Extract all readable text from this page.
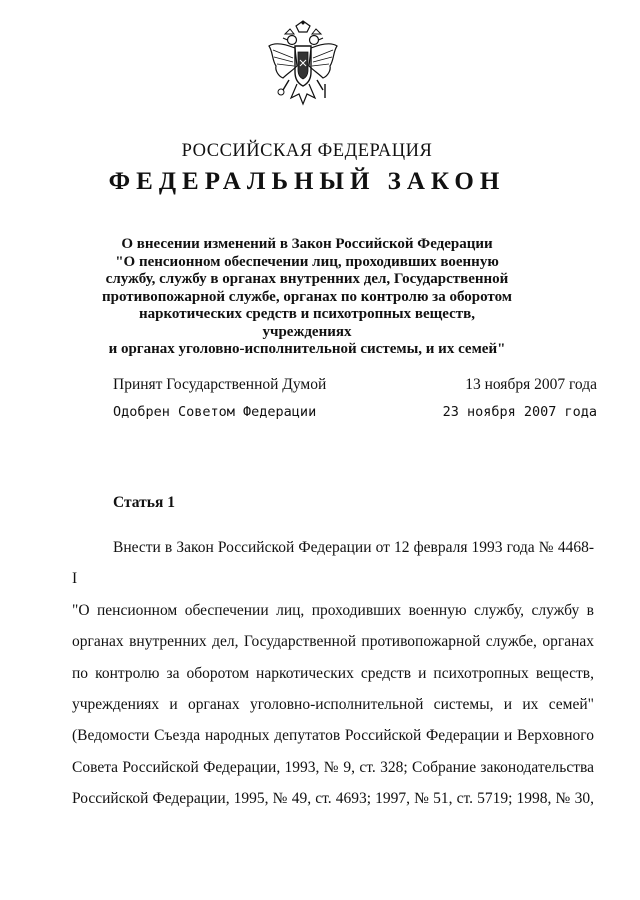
РОССИЙСКАЯ ФЕДЕРАЦИЯ
ФЕДЕРАЛЬНЫЙ ЗАКОН
О внесении изменений в Закон Российской Федерации
"О пенсионном обеспечении лиц, проходивших военную
службу, службу в органах внутренних дел, Государственной
противопожарной службе, органах по контролю за оборотом
наркотических средств и психотропных веществ, учреждениях
и органах уголовно-исполнительной системы, и их семей"
Принят Государственной Думой	13 ноября 2007 года
Одобрен Советом Федерации	23 ноября 2007 года
Статья 1
Внести в Закон Российской Федерации от 12 февраля 1993 года № 4468-I
"О пенсионном обеспечении лиц, проходивших военную службу, службу в
органах внутренних дел, Государственной противопожарной службе, органах
по контролю за оборотом наркотических средств и психотропных веществ,
учреждениях и органах уголовно-исполнительной системы, и их семей"
(Ведомости Съезда народных депутатов Российской Федерации и Верховного
Совета Российской Федерации, 1993, № 9, ст. 328; Собрание законодательства
Российской Федерации, 1995, № 49, ст. 4693; 1997, № 51, ст. 5719; 1998, № 30,
